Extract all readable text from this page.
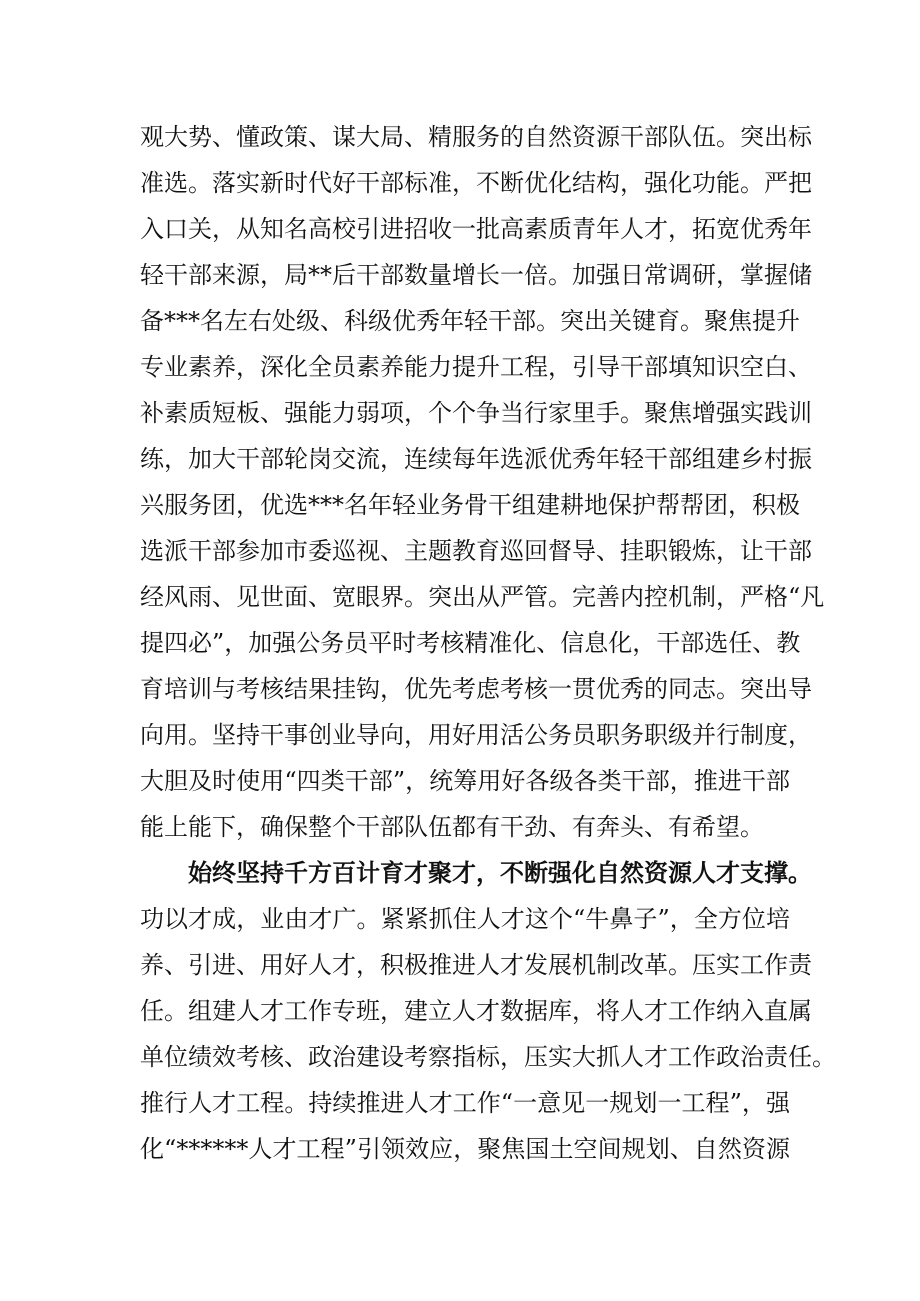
观大势、懂政策、谋大局、精服务的自然资源干部队伍。突出标
准选。落实新时代好干部标准，不断优化结构，强化功能。严把
入口关，从知名高校引进招收一批高素质青年人才，拓宽优秀年
轻干部来源，局**后干部数量增长一倍。加强日常调研，掌握储
备***名左右处级、科级优秀年轻干部。突出关键育。聚焦提升
专业素养，深化全员素养能力提升工程，引导干部填知识空白、
补素质短板、强能力弱项，个个争当行家里手。聚焦增强实践训
练，加大干部轮岗交流，连续每年选派优秀年轻干部组建乡村振
兴服务团，优选***名年轻业务骨干组建耕地保护帮帮团，积极
选派干部参加市委巡视、主题教育巡回督导、挂职锻炼，让干部
经风雨、见世面、宽眼界。突出从严管。完善内控机制，严格“凡
提四必”，加强公务员平时考核精准化、信息化，干部选任、教
育培训与考核结果挂钩，优先考虑考核一贯优秀的同志。突出导
向用。坚持干事创业导向，用好用活公务员职务职级并行制度，
大胆及时使用“四类干部”，统筹用好各级各类干部，推进干部
能上能下，确保整个干部队伍都有干劲、有奔头、有希望。
始终坚持千方百计育才聚才，不断强化自然资源人才支撑。
功以才成，业由才广。紧紧抓住人才这个“牛鼻子”，全方位培
养、引进、用好人才，积极推进人才发展机制改革。压实工作责
任。组建人才工作专班，建立人才数据库，将人才工作纳入直属
单位绩效考核、政治建设考察指标，压实大抓人才工作政治责任。
推行人才工程。持续推进人才工作“一意见一规划一工程”，强
化“******人才工程”引领效应，聚焦国土空间规划、自然资源
